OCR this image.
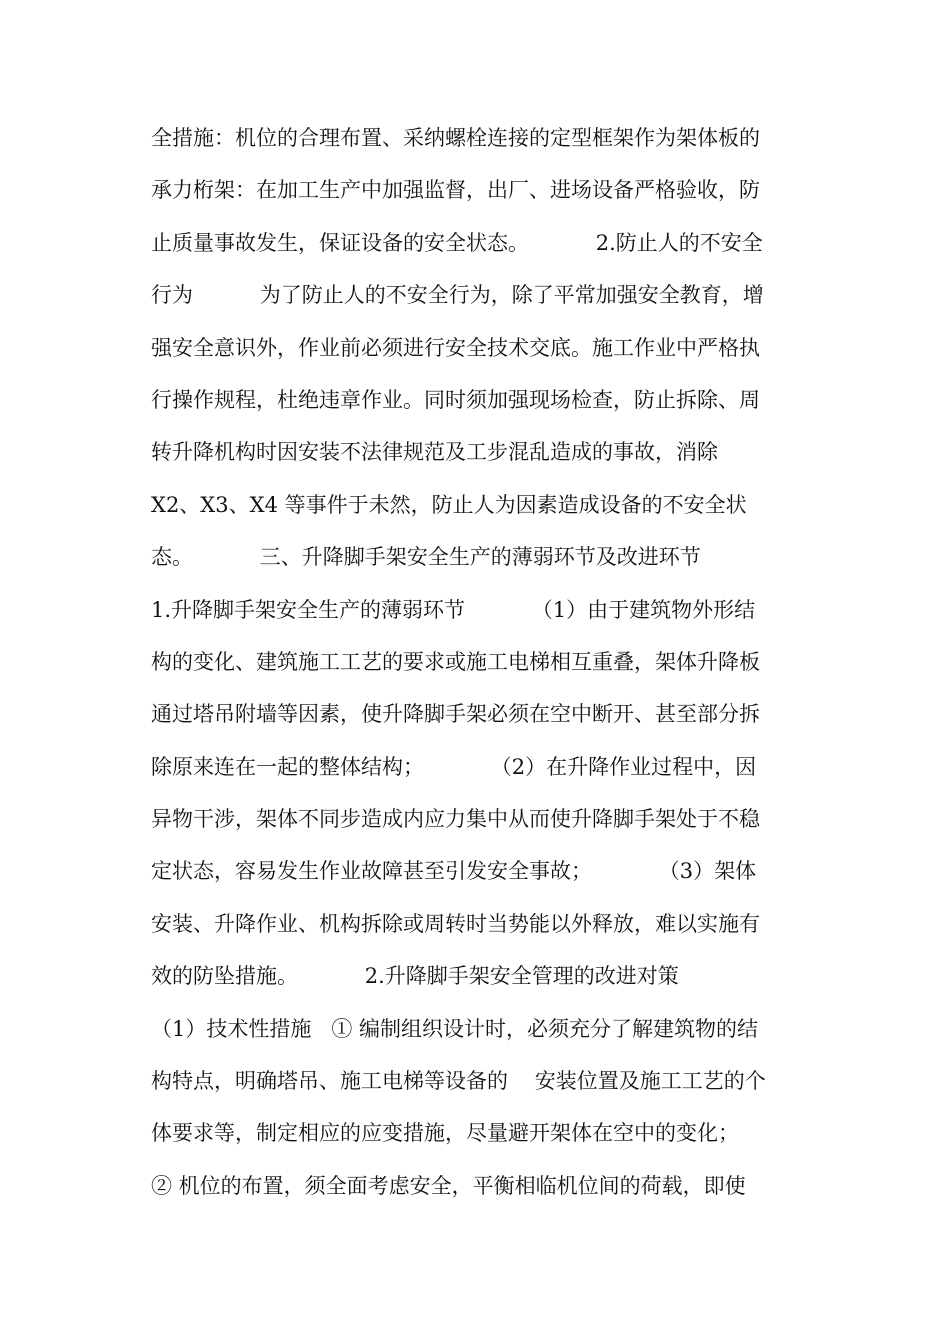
全措施：机位的合理布置、采纳螺栓连接的定型框架作为架体板的
承力桁架：在加工生产中加强监督，出厂、进场设备严格验收，防
止质量事故发生，保证设备的安全状态。          2.防止人的不安全
行为          为了防止人的不安全行为，除了平常加强安全教育，增
强安全意识外，作业前必须进行安全技术交底。施工作业中严格执
行操作规程，杜绝违章作业。同时须加强现场检查，防止拆除、周
转升降机构时因安装不法律规范及工步混乱造成的事故，消除
X2、X3、X4 等事件于未然，防止人为因素造成设备的不安全状
态。          三、升降脚手架安全生产的薄弱环节及改进环节
1.升降脚手架安全生产的薄弱环节          （1）由于建筑物外形结
构的变化、建筑施工工艺的要求或施工电梯相互重叠，架体升降板
通过塔吊附墙等因素，使升降脚手架必须在空中断开、甚至部分拆
除原来连在一起的整体结构；          （2）在升降作业过程中，因
异物干涉，架体不同步造成内应力集中从而使升降脚手架处于不稳
定状态，容易发生作业故障甚至引发安全事故；          （3）架体
安装、升降作业、机构拆除或周转时当势能以外释放，难以实施有
效的防坠措施。          2.升降脚手架安全管理的改进对策
（1）技术性措施   ① 编制组织设计时，必须充分了解建筑物的结
构特点，明确塔吊、施工电梯等设备的    安装位置及施工工艺的个
体要求等，制定相应的应变措施，尽量避开架体在空中的变化；
② 机位的布置，须全面考虑安全，平衡相临机位间的荷载，即使
